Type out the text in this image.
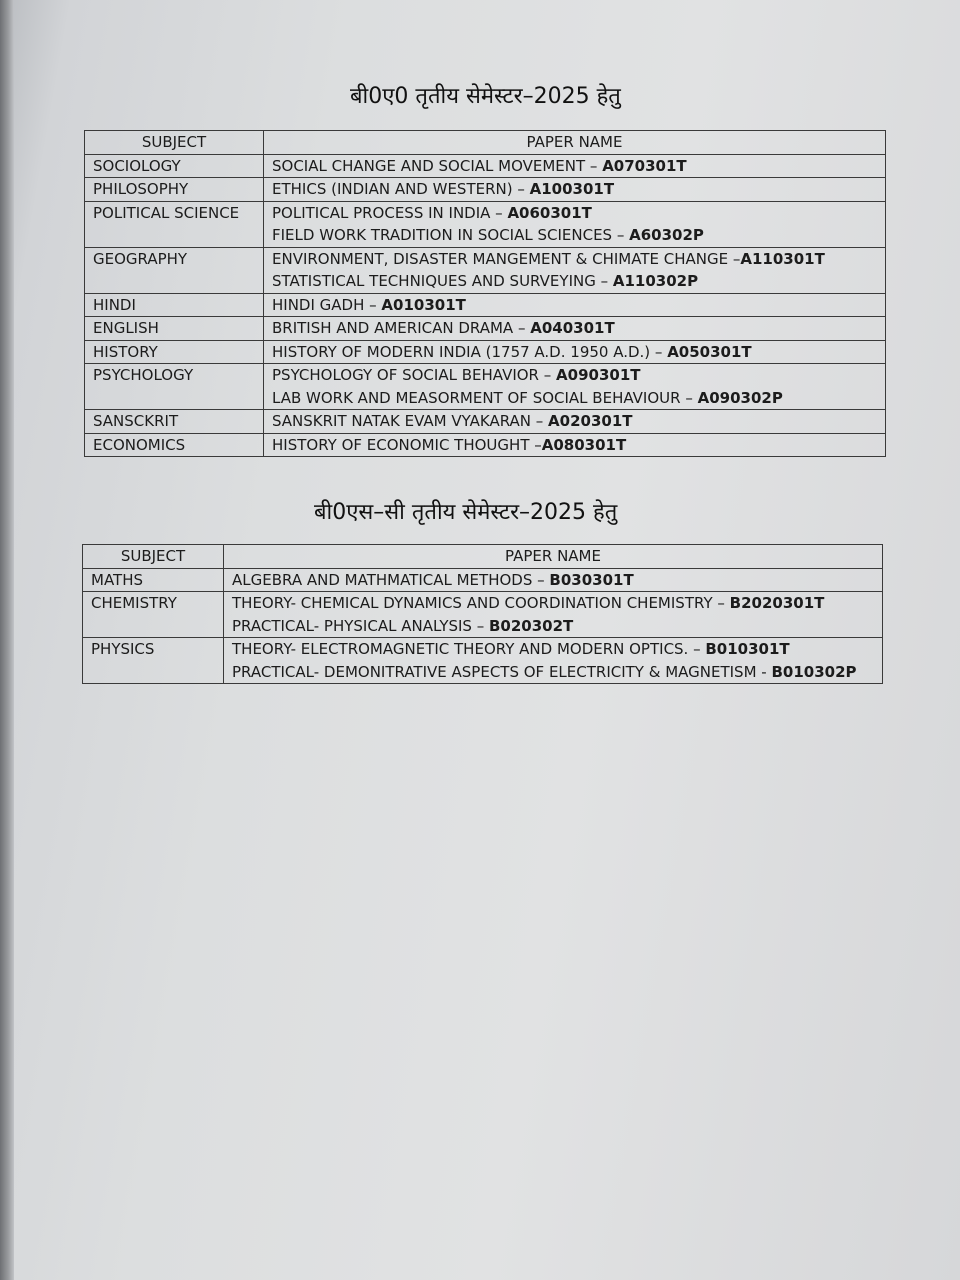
बी0ए0 तृतीय सेमेस्टर–2025 हेतु
SUBJECT	PAPER NAME
SOCIOLOGY	SOCIAL CHANGE AND SOCIAL MOVEMENT – A070301T

PHILOSOPHY	ETHICS (INDIAN AND WESTERN) – A100301T

POLITICAL SCIENCE	POLITICAL PROCESS IN INDIA – A060301T
FIELD WORK TRADITION IN SOCIAL SCIENCES – A60302P

GEOGRAPHY	ENVIRONMENT, DISASTER MANGEMENT & CHIMATE CHANGE –A110301T
STATISTICAL TECHNIQUES AND SURVEYING – A110302P

HINDI	HINDI GADH – A010301T

ENGLISH	BRITISH AND AMERICAN DRAMA – A040301T

HISTORY	HISTORY OF MODERN INDIA (1757 A.D. 1950 A.D.) – A050301T

PSYCHOLOGY	PSYCHOLOGY OF SOCIAL BEHAVIOR – A090301T
LAB WORK AND MEASORMENT OF SOCIAL BEHAVIOUR – A090302P

SANSCKRIT	SANSKRIT NATAK EVAM VYAKARAN – A020301T

ECONOMICS	HISTORY OF ECONOMIC THOUGHT –A080301T
बी0एस–सी तृतीय सेमेस्टर–2025 हेतु
SUBJECT	PAPER NAME
MATHS	ALGEBRA AND MATHMATICAL METHODS – B030301T

CHEMISTRY	THEORY- CHEMICAL DYNAMICS AND COORDINATION CHEMISTRY – B2020301T
PRACTICAL- PHYSICAL ANALYSIS – B020302T

PHYSICS	THEORY- ELECTROMAGNETIC THEORY AND MODERN OPTICS. – B010301T
PRACTICAL- DEMONITRATIVE ASPECTS OF ELECTRICITY & MAGNETISM - B010302P
